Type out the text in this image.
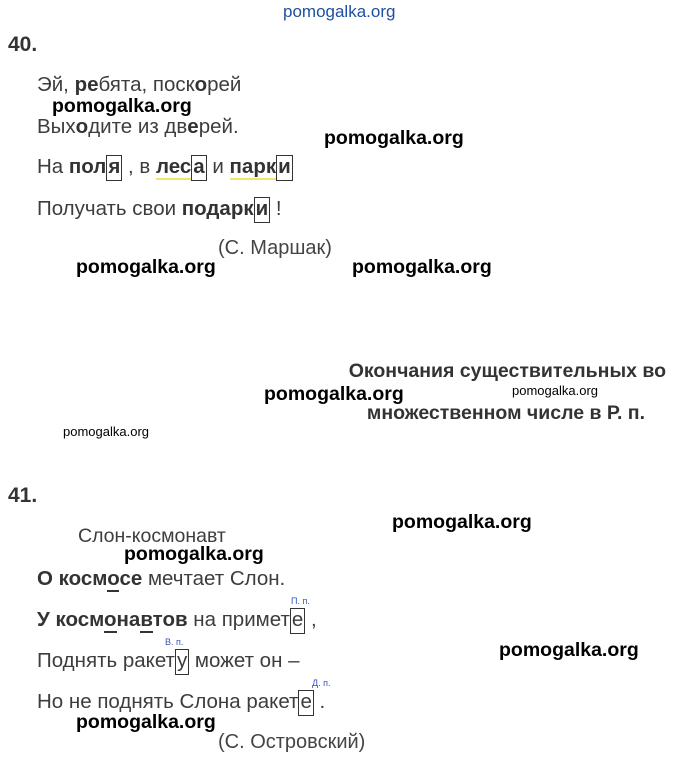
pomogalka.org
40.
Эй, ребята, поскорей
Выходите из дверей.
На поля , в леса и парки
Получать свои подарки !
(С. Маршак)
Окончания существительных во
множественном числе в Р. п.
41.
Слон-космонавт
О космосе мечтает Слон.
П. п.
У космонавтов на примете ,
В. п.
Поднять ракету может он –
Д. п.
Но не поднять Слона ракете .
(С. Островский)
pomogalka.org
pomogalka.org
pomogalka.org	pomogalka.org
pomogalka.org	pomogalka.org
pomogalka.org
pomogalka.org
pomogalka.org
pomogalka.org
pomogalka.org
